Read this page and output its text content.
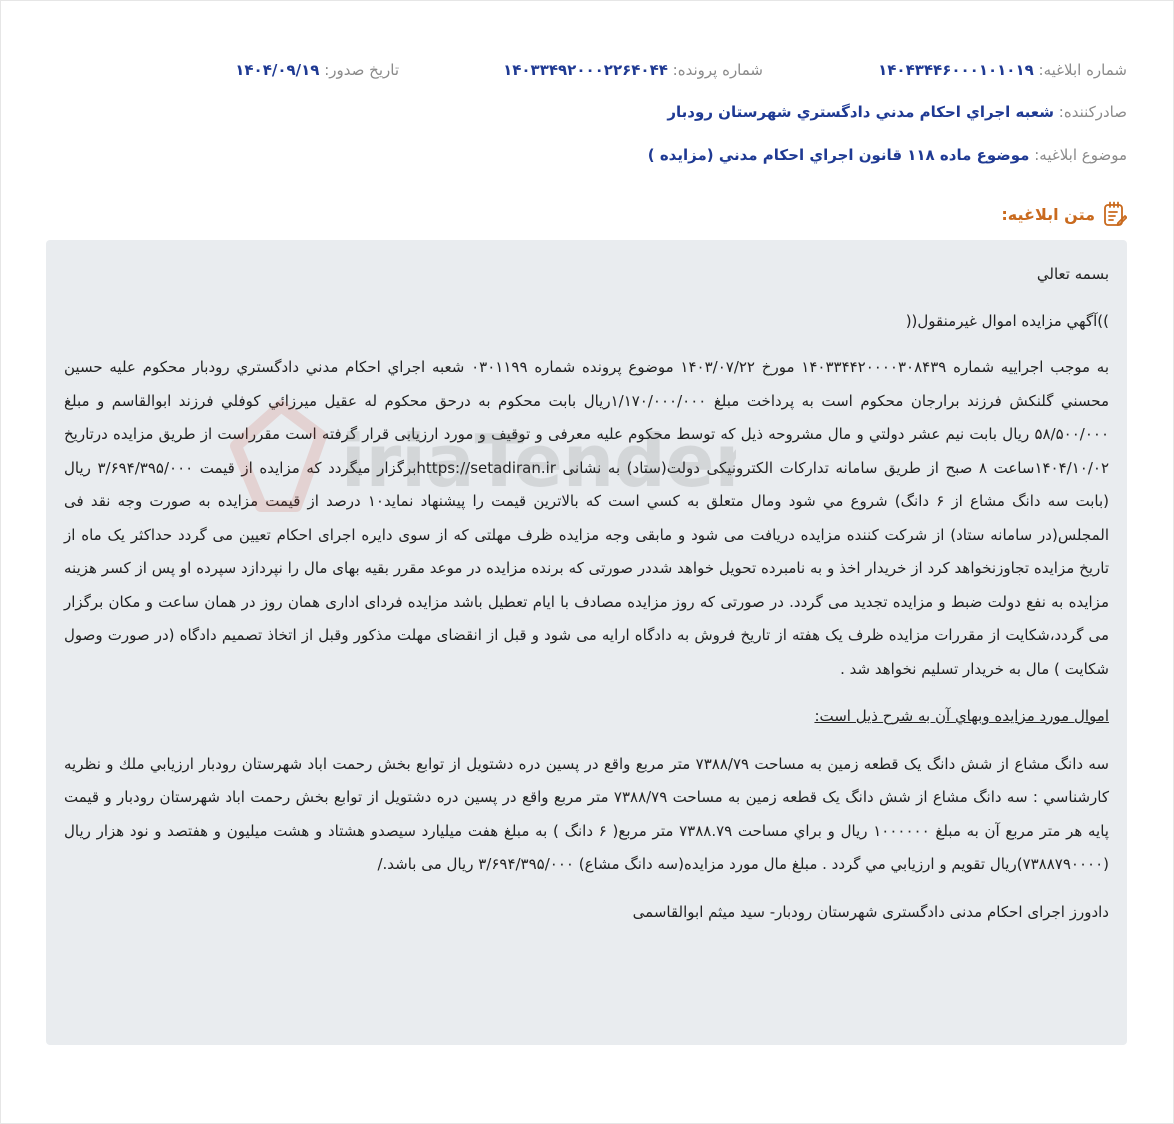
شماره ابلاغیه: ۱۴۰۴۳۴۴۶۰۰۰۱۰۱۰۱۹
شماره پرونده: ۱۴۰۳۳۴۹۲۰۰۰۲۲۶۴۰۴۴
تاریخ صدور: ۱۴۰۴/۰۹/۱۹
صادرکننده: شعبه اجراي احكام مدني دادگستري شهرستان رودبار
موضوع ابلاغیه: موضوع ماده ۱۱۸ قانون اجراي احكام مدني (مزايده )
متن ابلاغیه:

بسمه تعالي

))آگهي مزايده اموال غيرمنقول((

به موجب اجراييه شماره ۱۴۰۳۳۴۴۲۰۰۰۰۳۰۸۴۳۹ مورخ ۱۴۰۳/۰۷/۲۲ موضوع پرونده شماره ۰۳۰۱۱۹۹ شعبه اجراي احكام مدني دادگستري رودبار محكوم عليه حسين محسني گلنكش فرزند برارجان محكوم است به پرداخت مبلغ ۱/۱۷۰/۰۰۰/۰۰۰ریال بابت محكوم به درحق محكوم له عقيل ميرزائي كوفلي فرزند ابوالقاسم و مبلغ ۵۸/۵۰۰/۰۰۰ ريال بابت نيم عشر دولتي و مال مشروحه ذیل که توسط محکوم علیه معرفی و توقیف و مورد ارزیابی قرار گرفته است مقرراست از طريق مزايده درتاريخ ۱۴۰۴/۱۰/۰۲ساعت ۸ صبح از طریق سامانه تدارکات الکترونیکی دولت(ستاد) به نشانی https://setadiran.irبرگزار ميگردد كه مزايده از قيمت ۳/۶۹۴/۳۹۵/۰۰۰ ريال (بابت سه دانگ مشاع از ۶ دانگ) شروع مي شود ومال متعلق به كسي است كه بالاترين قيمت را پيشنهاد نمايد۱۰ درصد از قيمت مزايده به صورت وجه نقد فی المجلس(در سامانه ستاد) از شرکت کننده مزایده دریافت می شود و مابقی وجه مزایده ظرف مهلتی که از سوی دایره اجرای احکام تعیین می گردد حداکثر یک ماه از تاریخ مزایده تجاوزنخواهد کرد از خریدار اخذ و به نامبرده تحویل خواهد شددر صورتی که برنده مزایده در موعد مقرر بقیه بهای مال را نپردازد سپرده او پس از کسر هزینه مزایده به نفع دولت ضبط و مزایده تجدید می گردد. در صورتی که روز مزایده مصادف با ایام تعطیل باشد مزایده فردای اداری همان روز در همان ساعت و مکان برگزار می گردد،شکایت از مقررات مزایده ظرف یک هفته از تاریخ فروش به دادگاه ارایه می شود و قبل از انقضای مهلت مذکور وقبل از اتخاذ تصمیم دادگاه (در صورت وصول شکایت ) مال به خریدار تسلیم نخواهد شد .

اموال مورد مزايده وبهاي آن به شرح ذيل است:

سه دانگ مشاع از شش دانگ یک قطعه زمین به مساحت ۷۳۸۸/۷۹ متر مربع واقع در پسین دره دشتویل از توابع بخش رحمت اباد شهرستان رودبار ارزيابي ملك و نظريه كارشناسي : سه دانگ مشاع از شش دانگ یک قطعه زمین به مساحت ۷۳۸۸/۷۹ متر مربع واقع در پسین دره دشتویل از توابع بخش رحمت اباد شهرستان رودبار و قیمت پایه هر متر مربع آن به مبلغ ۱۰۰۰۰۰۰ ريال و براي مساحت ۷۳۸۸.۷۹ متر مربع( ۶ دانگ ) به مبلغ هفت ميليارد سيصدو هشتاد و هشت ميليون و هفتصد و نود هزار ريال (۷۳۸۸۷۹۰۰۰۰)ريال تقويم و ارزيابي مي گردد . مبلغ مال مورد مزایده(سه دانگ مشاع) ۳/۶۹۴/۳۹۵/۰۰۰ ریال می باشد./

دادورز اجرای احکام مدنی دادگستری شهرستان رودبار- سید میثم ابوالقاسمی
